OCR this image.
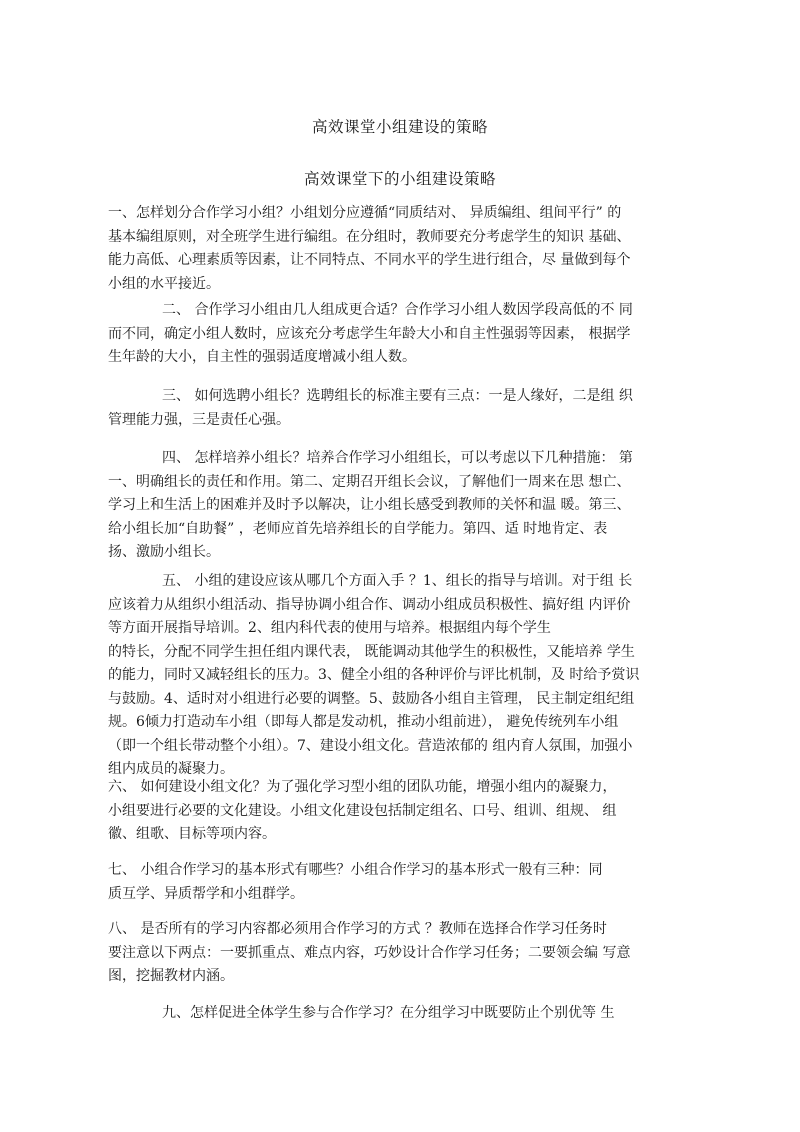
高效课堂小组建设的策略
高效课堂下的小组建设策略
一、怎样划分合作学习小组？小组划分应遵循“同质结对、 异质编组、组间平行” 的
基本编组原则，对全班学生进行编组。在分组时，教师要充分考虑学生的知识 基础、
能力高低、心理素质等因素，让不同特点、不同水平的学生进行组合，尽 量做到每个
小组的水平接近。
二、 合作学习小组由几人组成更合适？合作学习小组人数因学段高低的不 同
而不同，确定小组人数时，应该充分考虑学生年龄大小和自主性强弱等因素， 根据学
生年龄的大小，自主性的强弱适度增减小组人数。
三、 如何选聘小组长？选聘组长的标准主要有三点：一是人缘好，二是组 织
管理能力强，三是责任心强。
四、 怎样培养小组长？培养合作学习小组组长，可以考虑以下几种措施： 第
一、明确组长的责任和作用。第二、定期召开组长会议，了解他们一周来在思 想亡、
学习上和生活上的困难并及时予以解决，让小组长感受到教师的关怀和温 暖。第三、
给小组长加“自助餐” ，老师应首先培养组长的自学能力。第四、适 时地肯定、表
扬、激励小组长。
五、 小组的建设应该从哪几个方面入手 ？1、组长的指导与培训。对于组 长
应该着力从组织小组活动、指导协调小组合作、调动小组成员积极性、搞好组 内评价
等方面开展指导培训。2、组内科代表的使用与培养。根据组内每个学生
的特长，分配不同学生担任组内课代表， 既能调动其他学生的积极性，又能培养 学生
的能力，同时又减轻组长的压力。3、健全小组的各种评价与评比机制，及 时给予赏识
与鼓励。4、适时对小组进行必要的调整。5、鼓励各小组自主管理， 民主制定组纪组
规。6倾力打造动车小组（即每人都是发动机，推动小组前进）， 避免传统列车小组
（即一个组长带动整个小组）。7、建设小组文化。营造浓郁的 组内育人氛围，加强小
组内成员的凝聚力。
六、 如何建设小组文化？为了强化学习型小组的团队功能，增强小组内的凝聚力，
小组要进行必要的文化建设。小组文化建设包括制定组名、口号、组训、组规、 组
徽、组歌、目标等项内容。
七、 小组合作学习的基本形式有哪些？小组合作学习的基本形式一般有三种：同
质互学、异质帮学和小组群学。
八、 是否所有的学习内容都必须用合作学习的方式 ？教师在选择合作学习任务时
要注意以下两点：一要抓重点、难点内容，巧妙设计合作学习任务；二要领会编 写意
图，挖掘教材内涵。
九、怎样促进全体学生参与合作学习？在分组学习中既要防止个别优等 生
